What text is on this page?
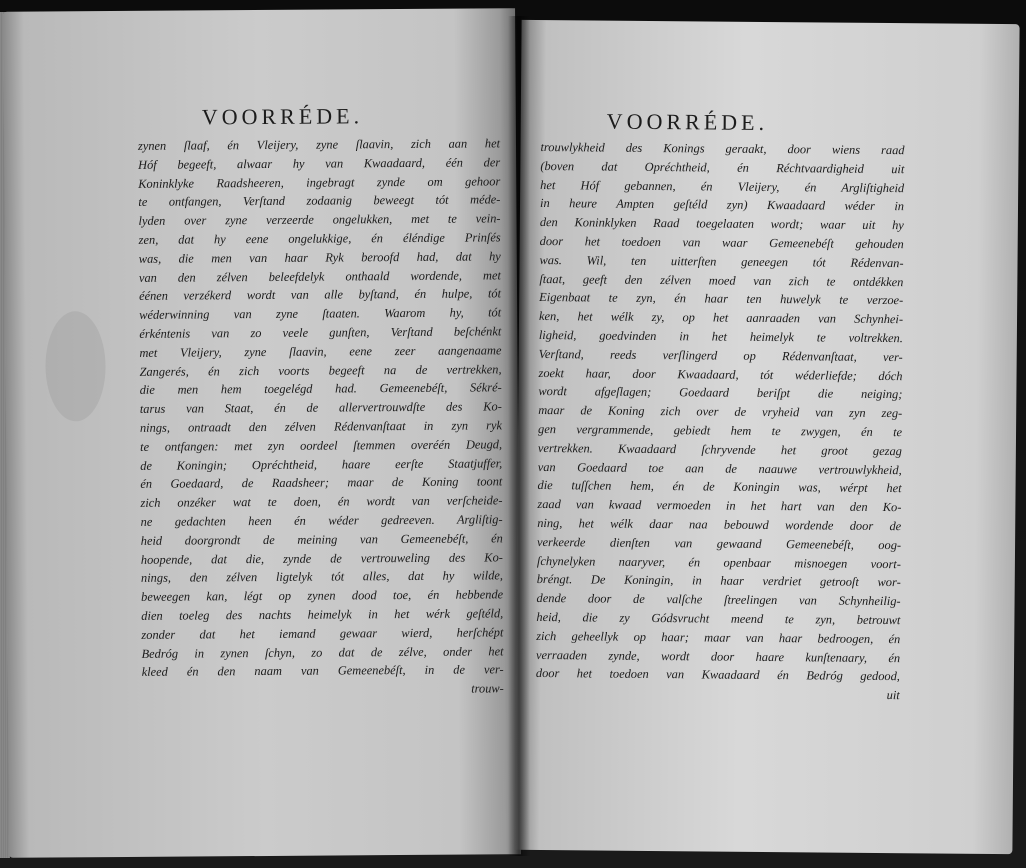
VOORRÉDE.
zynen ſlaaf, én Vleijery, zyne ſlaavin, zich aan het
Hóf begeeft, alwaar hy van Kwaadaard, één der
Koninklyke Raadsheeren, ingebragt zynde om gehoor
te ontfangen, Verſtand zodaanig beweegt tót méde-
lyden over zyne verzeerde ongelukken, met te vein-
zen, dat hy eene ongelukkige, én éléndige Prinſés
was, die men van haar Ryk beroofd had, dat hy
van den zélven beleefdelyk onthaald wordende, met
éénen verzékerd wordt van alle byſtand, én hulpe, tót
wéderwinning van zyne ſtaaten. Waarom hy, tót
érkéntenis van zo veele gunſten, Verſtand beſchénkt
met Vleijery, zyne ſlaavin, eene zeer aangenaame
Zangerés, én zich voorts begeeft na de vertrekken,
die men hem toegelégd had. Gemeenebéſt, Sékré-
tarus van Staat, én de allervertrouwdſte des Ko-
nings, ontraadt den zélven Rédenvanſtaat in zyn ryk
te ontfangen: met zyn oordeel ſtemmen overéén Deugd,
de Koningin; Opréchtheid, haare eerſte Staatjuffer,
én Goedaard, de Raadsheer; maar de Koning toont
zich onzéker wat te doen, én wordt van verſcheide-
ne gedachten heen én wéder gedreeven. Argliſtig-
heid doorgrondt de meining van Gemeenebéſt, én
hoopende, dat die, zynde de vertrouweling des Ko-
nings, den zélven ligtelyk tót alles, dat hy wilde,
beweegen kan, légt op zynen dood toe, én hebbende
dien toeleg des nachts heimelyk in het wérk geſtéld,
zonder dat het iemand gewaar wierd, herſchépt
Bedróg in zynen ſchyn, zo dat de zélve, onder het
kleed én den naam van Gemeenebéſt, in de ver-
trouw-
VOORRÉDE.
trouwlykheid des Konings geraakt, door wiens raad
(boven dat Opréchtheid, én Réchtvaardigheid uit
het Hóf gebannen, én Vleijery, én Argliſtigheid
in heure Ampten geſtéld zyn) Kwaadaard wéder in
den Koninklyken Raad toegelaaten wordt; waar uit hy
door het toedoen van waar Gemeenebéſt gehouden
was. Wil, ten uitterſten geneegen tót Rédenvan-
ſtaat, geeft den zélven moed van zich te ontdékken
Eigenbaat te zyn, én haar ten huwelyk te verzoe-
ken, het wélk zy, op het aanraaden van Schynhei-
ligheid, goedvinden in het heimelyk te voltrekken.
Verſtand, reeds verſlingerd op Rédenvanſtaat, ver-
zoekt haar, door Kwaadaard, tót wéderliefde; dóch
wordt afgeſlagen; Goedaard beriſpt die neiging;
maar de Koning zich over de vryheid van zyn zeg-
gen vergrammende, gebiedt hem te zwygen, én te
vertrekken. Kwaadaard ſchryvende het groot gezag
van Goedaard toe aan de naauwe vertrouwlykheid,
die tuſſchen hem, én de Koningin was, wérpt het
zaad van kwaad vermoeden in het hart van den Ko-
ning, het wélk daar naa bebouwd wordende door de
verkeerde dienſten van gewaand Gemeenebéſt, oog-
ſchynelyken naaryver, én openbaar misnoegen voort-
bréngt. De Koningin, in haar verdriet getrooſt wor-
dende door de valſche ſtreelingen van Schynheilig-
heid, die zy Gódsvrucht meend te zyn, betrouwt
zich geheellyk op haar; maar van haar bedroogen, én
verraaden zynde, wordt door haare kunſtenaary, én
door het toedoen van Kwaadaard én Bedróg gedood,
uit
